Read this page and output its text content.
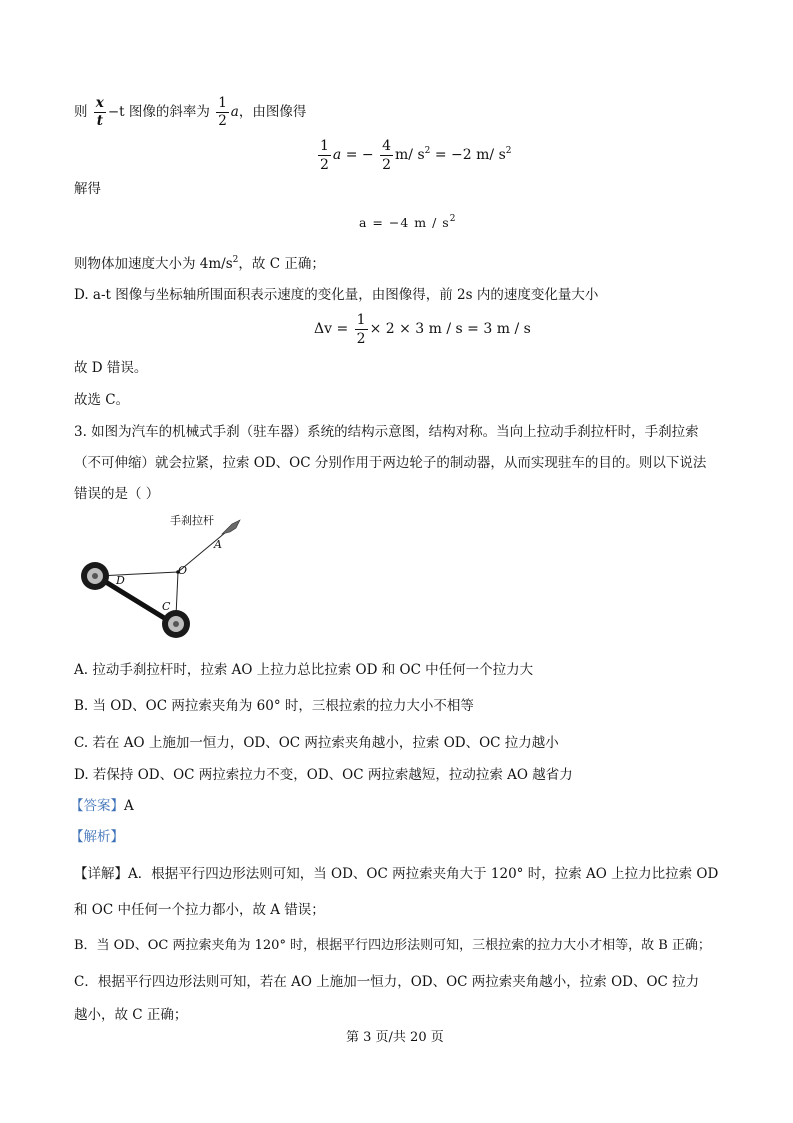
则 $\frac{x}{t} -t$ 图像的斜率为 $\frac{1}{2}$ a，由图像得
$\frac{1}{2}$ a = − $\frac{4}{2} m/$ $s^2 = -2$ m/ $s^2$
解得
a = −4 m / $s^2$
则物体加速度大小为 $4m/s^2$，故 C 正确；
D. a-t 图像与坐标轴所围面积表示速度的变化量，由图像得，前 2s 内的速度变化量大小
$\Delta v = \frac{1}{2} \times 2 \times 3$ m / s = 3 m / s
故 D 错误。
故选 C。
3. 如图为汽车的机械式手刹（驻车器）系统的结构示意图，结构对称。当向上拉动手刹拉杆时，手刹拉索
（不可伸缩）就会拉紧，拉索 OD、OC 分别作用于两边轮子的制动器，从而实现驻车的目的。则以下说法
错误的是（ ）
手刹拉杆
A
O
D
C
A. 拉动手刹拉杆时，拉索 AO 上拉力总比拉索 OD 和 OC 中任何一个拉力大
B. 当 OD、OC 两拉索夹角为 60° 时，三根拉索的拉力大小不相等
C. 若在 AO 上施加一恒力，OD、OC 两拉索夹角越小，拉索 OD、OC 拉力越小
D. 若保持 OD、OC 两拉索拉力不变，OD、OC 两拉索越短，拉动拉索 AO 越省力
【答案】A
【解析】
【详解】A．根据平行四边形法则可知，当 OD、OC 两拉索夹角大于 120° 时，拉索 AO 上拉力比拉索 OD
和 OC 中任何一个拉力都小，故 A 错误；
B．当 OD、OC 两拉索夹角为 120° 时，根据平行四边形法则可知，三根拉索的拉力大小才相等，故 B 正确；
C．根据平行四边形法则可知，若在 AO 上施加一恒力，OD、OC 两拉索夹角越小，拉索 OD、OC 拉力
越小，故 C 正确；
第 3 页/共 20 页
